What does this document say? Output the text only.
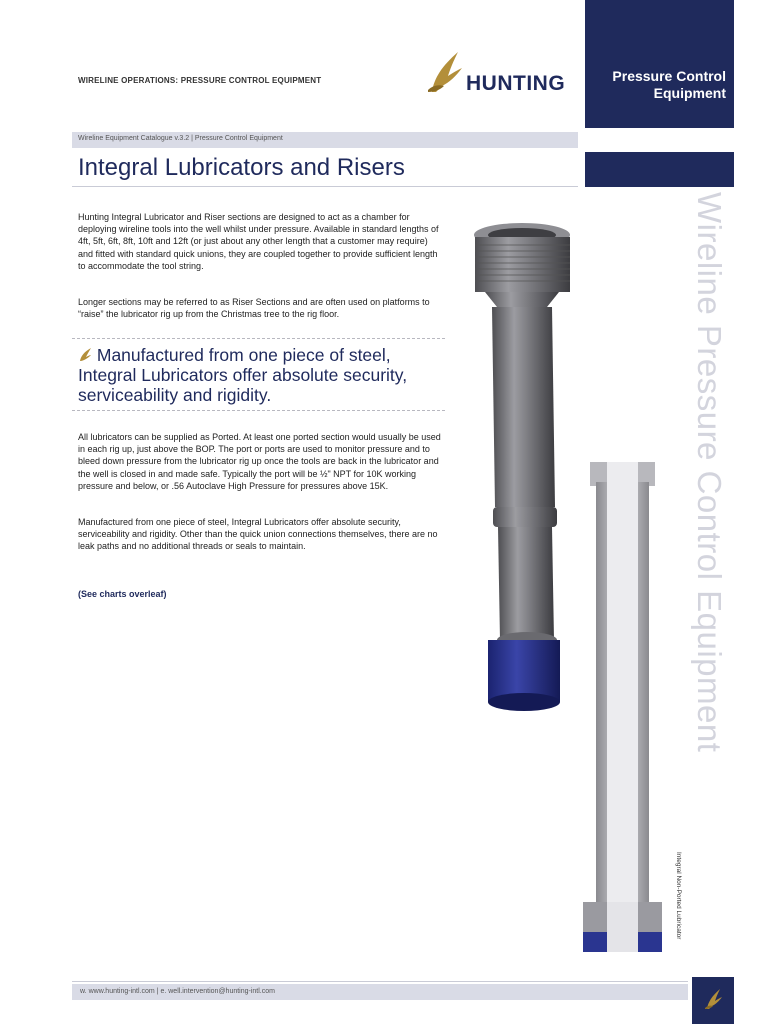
WIRELINE OPERATIONS: PRESSURE CONTROL EQUIPMENT	HUNTING	Pressure Control
Equipment
Wireline Equipment Catalogue v.3.2 | Pressure Control Equipment
Integral Lubricators and Risers
Hunting Integral Lubricator and Riser sections are designed to act as a chamber for deploying wireline tools into the well whilst under pressure. Available in standard lengths of 4ft, 5ft, 6ft, 8ft, 10ft and 12ft (or just about any other length that a customer may require) and fitted with standard quick unions, they are coupled together to provide sufficient length to accommodate the tool string.
Longer sections may be referred to as Riser Sections and are often used on platforms to “raise” the lubricator rig up from the Christmas tree to the rig floor.
Manufactured from one piece of steel, Integral Lubricators offer absolute security, serviceability and rigidity.
All lubricators can be supplied as Ported. At least one ported section would usually be used in each rig up, just above the BOP. The port or ports are used to monitor pressure and to bleed down pressure from the lubricator rig up once the tools are back in the lubricator and the well is closed in and made safe. Typically the port will be ½" NPT for 10K working pressure and below, or .56 Autoclave High Pressure for pressures above 15K.
Manufactured from one piece of steel, Integral Lubricators offer absolute security, serviceability and rigidity. Other than the quick union connections themselves, there are no leak paths and no additional threads or seals to maintain.
(See charts overleaf)	Wireline Pressure Control Equipment
Integral Non-Ported Lubricator
w. www.hunting-intl.com | e. well.intervention@hunting-intl.com
